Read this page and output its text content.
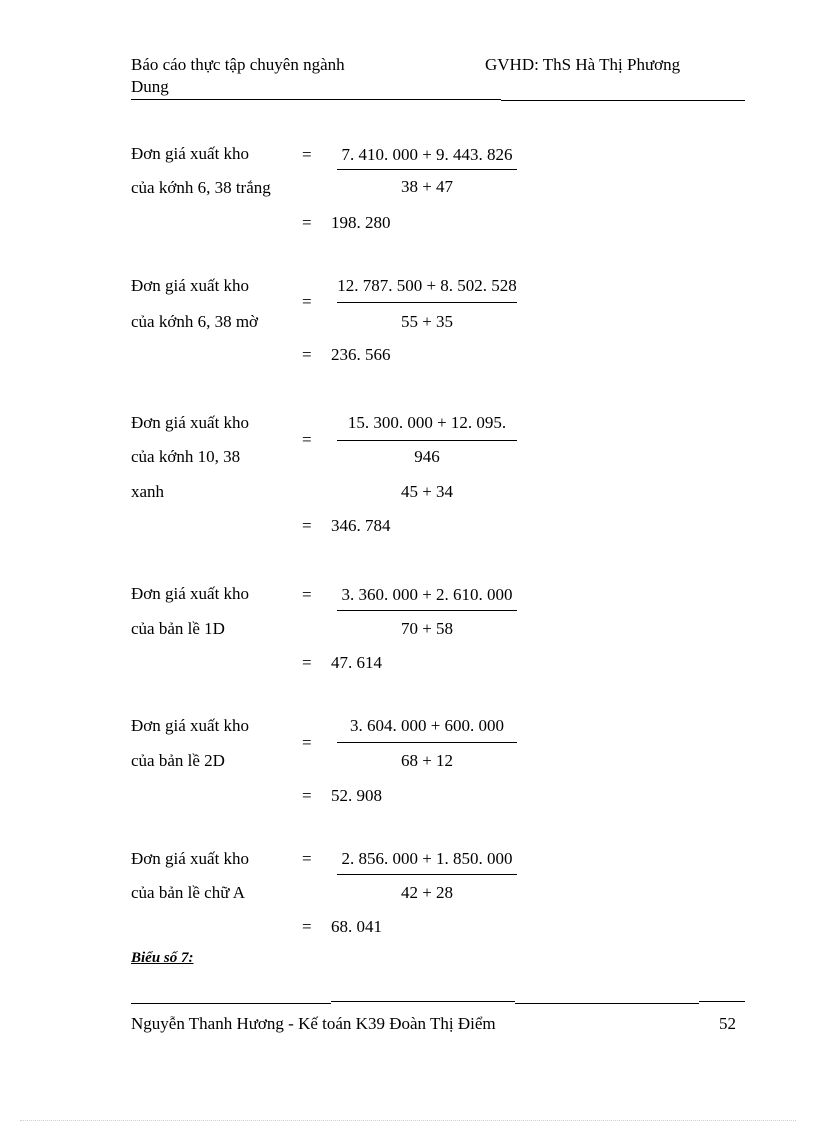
Báo cáo thực tập chuyên ngành
Dung
GVHD: ThS Hà Thị Phương
Đơn giá xuất kho
của kớnh 6, 38 trắng
=	7. 410. 000 + 9. 443. 826
38 + 47
= 198. 280
Đơn giá xuất kho
của kớnh 6, 38 mờ
=
12. 787. 500 + 8. 502. 528
55 + 35
= 236. 566
Đơn giá xuất kho
của kớnh 10, 38
xanh
=
15. 300. 000 + 12. 095.
946
45 + 34
= 346. 784
Đơn giá xuất kho
của bản lề 1D
=	3. 360. 000 + 2. 610. 000
70 + 58
= 47. 614
Đơn giá xuất kho
của bản lề 2D
=
3. 604. 000 + 600. 000
68 + 12
= 52. 908
Đơn giá xuất kho
của bản lề chữ A
=	2. 856. 000 + 1. 850. 000
42 + 28
= 68. 041
Biểu số 7:
Nguyễn Thanh Hương - Kế toán K39 Đoàn Thị Điểm	52
